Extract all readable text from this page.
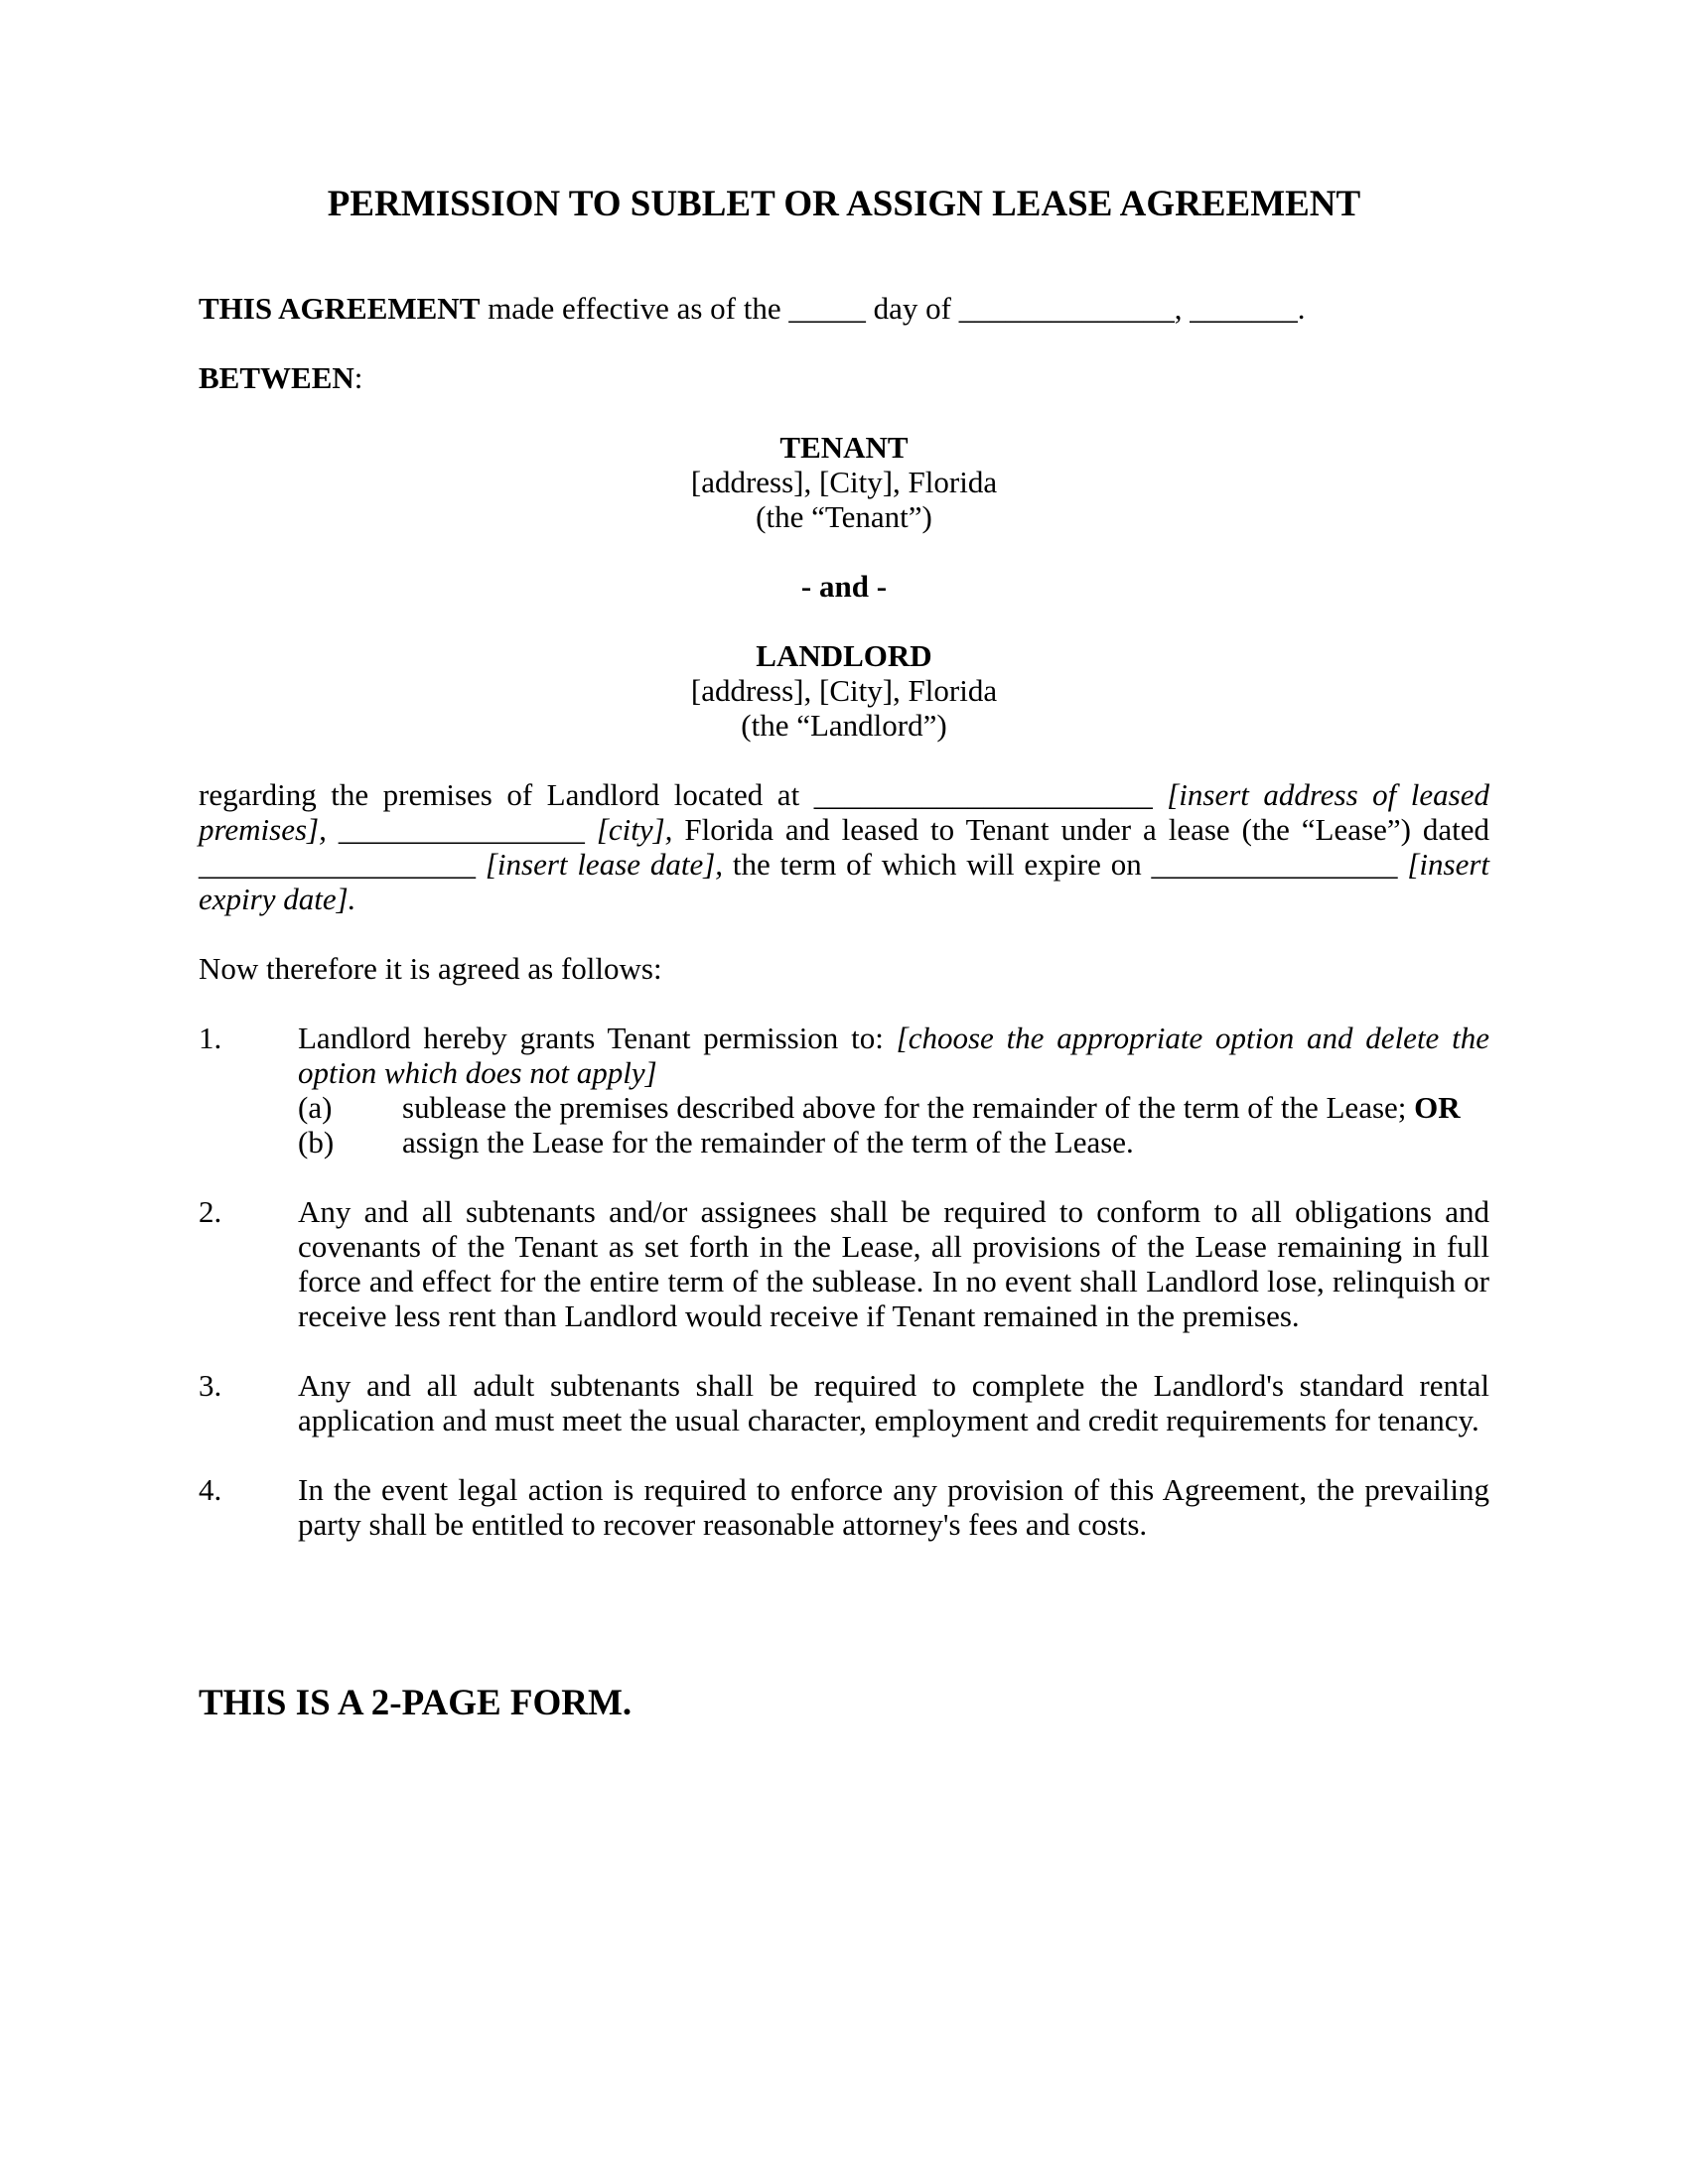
PERMISSION TO SUBLET OR ASSIGN LEASE AGREEMENT
THIS AGREEMENT made effective as of the _____ day of ______________, _______.
BETWEEN:
TENANT
[address], [City], Florida
(the “Tenant”)
- and -
LANDLORD
[address], [City], Florida
(the “Landlord”)
regarding the premises of Landlord located at ______________________ [insert address of leased
premises], ________________ [city], Florida and leased to Tenant under a lease (the “Lease”) dated
__________________ [insert lease date], the term of which will expire on ________________ [insert
expiry date].
Now therefore it is agreed as follows:
1. Landlord hereby grants Tenant permission to: [choose the appropriate option and delete the
option which does not apply]
(a) sublease the premises described above for the remainder of the term of the Lease; OR
(b) assign the Lease for the remainder of the term of the Lease.
2. Any and all subtenants and/or assignees shall be required to conform to all obligations and
covenants of the Tenant as set forth in the Lease, all provisions of the Lease remaining in full
force and effect for the entire term of the sublease. In no event shall Landlord lose, relinquish or
receive less rent than Landlord would receive if Tenant remained in the premises.
3. Any and all adult subtenants shall be required to complete the Landlord's standard rental
application and must meet the usual character, employment and credit requirements for tenancy.
4. In the event legal action is required to enforce any provision of this Agreement, the prevailing
party shall be entitled to recover reasonable attorney's fees and costs.
THIS IS A 2-PAGE FORM.
